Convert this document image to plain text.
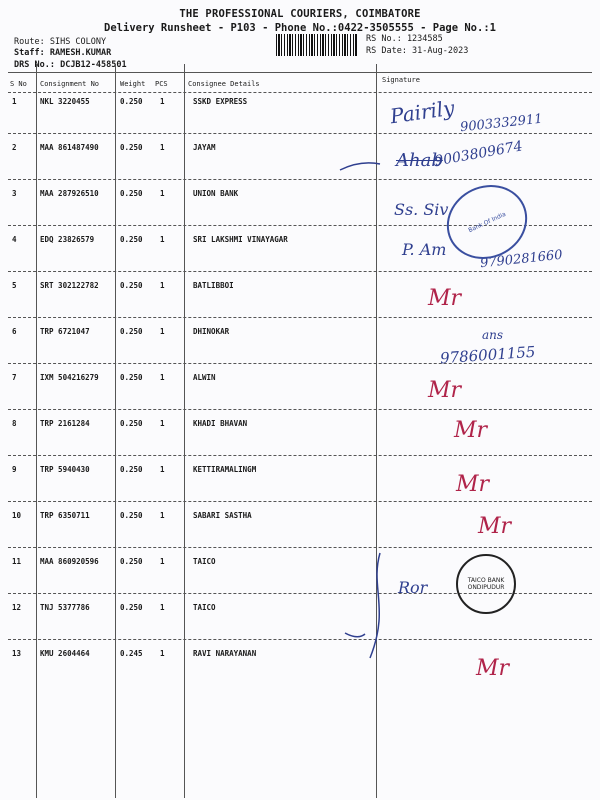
THE PROFESSIONAL COURIERS, COIMBATORE
Delivery Runsheet - P103 - Phone No.:0422-3505555 - Page No.:1
Route: SIHS COLONY
Staff: RAMESH.KUMAR
DRS No.: DCJB12-458501
RS No.: 1234585
RS Date: 31-Aug-2023
S No Consignment No	Weight PCS	Consignee Details	Signature
1	NKL 3220455	0.250 1	SSKD EXPRESS
2	MAA 861487490	0.250 1	JAYAM
3	MAA 287926510	0.250 1	UNION BANK
4	EDQ 23826579	0.250 1	SRI LAKSHMI VINAYAGAR
5	SRT 302122782	0.250 1	BATLIBBOI
6	TRP 6721047	0.250 1	DHINOKAR
7	IXM 504216279	0.250 1	ALWIN
8	TRP 2161284	0.250 1	KHADI BHAVAN
9	TRP 5940430	0.250 1	KETTIRAMALINGM
10	TRP 6350711	0.250 1	SABARI SASTHA
11	MAA 860920596	0.250 1	TAICO
12	TNJ 5377786	0.250 1	TAICO
13	KMU 2604464	0.245 1	RAVI NARAYANAN
Pairily 9003332911
Ahab
9003809674
Ss. Siv
P. Am	9790281660
Mr
ans
9786001155
Mr
Mr
Mr
Mr
Ror
Mr
Bank Of India
TAICO BANK
ONDIPUDUR
